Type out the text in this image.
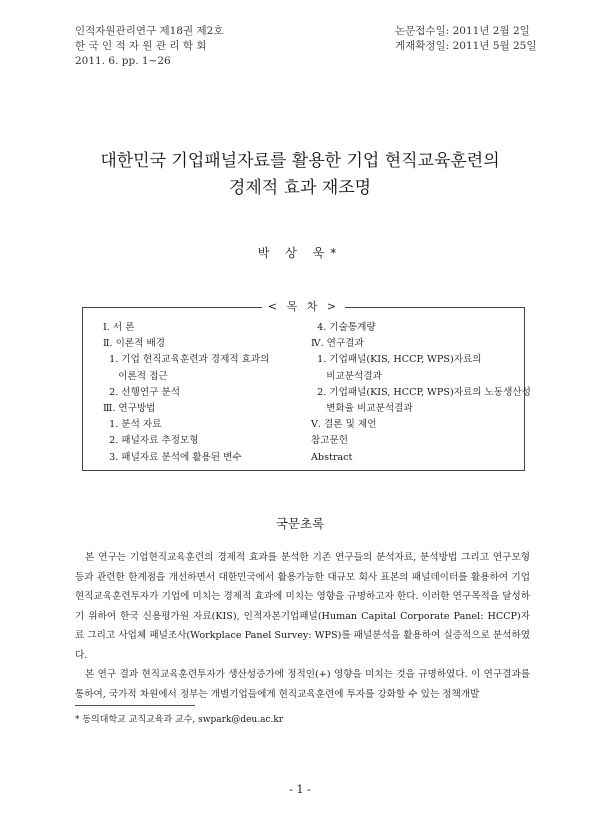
인적자원관리연구 제18권 제2호
한 국 인 적 자 원 관 리 학 회
2011. 6. pp. 1~26
논문접수일: 2011년 2월 2일
게재확정일: 2011년 5월 25일
대한민국 기업패널자료를 활용한 기업 현직교육훈련의
경제적 효과 재조명
박 상 욱*
< 목 차 >
Ⅰ. 서 론
Ⅱ. 이론적 배경
1. 기업 현직교육훈련과 경제적 효과의
이론적 접근
2. 선행연구 분석
Ⅲ. 연구방법
1. 분석 자료
2. 패널자료 추정모형
3. 패널자료 분석에 활용된 변수
4. 기술통계량
Ⅳ. 연구결과
1. 기업패널(KIS, HCCP, WPS)자료의
비교분석결과
2. 기업패널(KIS, HCCP, WPS)자료의 노동생산성
변화율 비교분석결과
Ⅴ. 결론 및 제언
참고문헌
Abstract
국문초록

본 연구는 기업현직교육훈련의 경제적 효과를 분석한 기존 연구들의 분석자료, 분석방법 그리고 연구모형 등과 관련한 한계점을 개선하면서 대한민국에서 활용가능한 대규모 회사 표본의 패널데이터를 활용하여 기업 현직교육훈련투자가 기업에 미치는 경제적 효과에 미치는 영향을 규명하고자 한다. 이러한 연구목적을 달성하기 위하여 한국 신용평가원 자료(KIS), 인적자본기업패널(Human Capital Corporate Panel: HCCP)자료 그리고 사업체 패널조사(Workplace Panel Survey: WPS)를 패널분석을 활용하여 실증적으로 분석하였다.

본 연구 결과 현직교육훈련투자가 생산성증가에 정적인(+) 영향을 미치는 것을 규명하였다. 이 연구결과를 통하여, 국가적 차원에서 정부는 개별기업들에게 현직교육훈련에 투자를 강화할 수 있는 정책개발

* 동의대학교 교직교육과 교수, swpark@deu.ac.kr
- 1 -
